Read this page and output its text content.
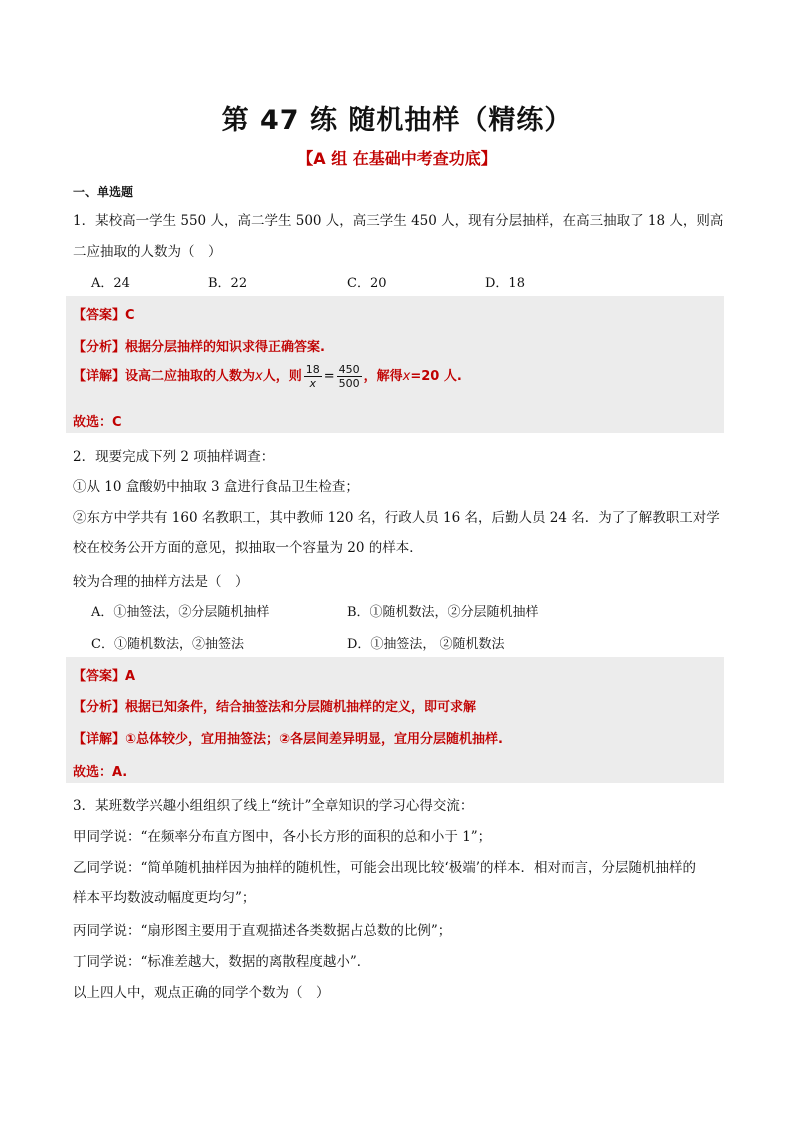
第 47 练 随机抽样（精练）
【A 组 在基础中考查功底】
一、单选题
1．某校高一学生 550 人，高二学生 500 人，高三学生 450 人，现有分层抽样，在高三抽取了 18 人，则高
二应抽取的人数为（　）
A．24	B．22	C．20	D．18
【答案】C
【分析】根据分层抽样的知识求得正确答案.
【详解】设高二应抽取的人数为x人，则 $\frac{18}{x} = \frac{450}{500}$ ，解得x=20 人.
故选：C
2．现要完成下列 2 项抽样调查：
①从 10 盒酸奶中抽取 3 盒进行食品卫生检查；
②东方中学共有 160 名教职工，其中教师 120 名，行政人员 16 名，后勤人员 24 名．为了了解教职工对学
校在校务公开方面的意见，拟抽取一个容量为 20 的样本．
较为合理的抽样方法是（　）
A．①抽签法，②分层随机抽样	B．①随机数法，②分层随机抽样
C．①随机数法，②抽签法	D．①抽签法， ②随机数法
【答案】A
【分析】根据已知条件，结合抽签法和分层随机抽样的定义，即可求解
【详解】①总体较少，宜用抽签法；②各层间差异明显，宜用分层随机抽样.
故选：A.
3．某班数学兴趣小组组织了线上“统计”全章知识的学习心得交流：
甲同学说：“在频率分布直方图中，各小长方形的面积的总和小于 1”；
乙同学说：“简单随机抽样因为抽样的随机性，可能会出现比较‘极端’的样本．相对而言，分层随机抽样的
样本平均数波动幅度更均匀”；
丙同学说：“扇形图主要用于直观描述各类数据占总数的比例”；
丁同学说：“标准差越大，数据的离散程度越小”．
以上四人中，观点正确的同学个数为（　）
